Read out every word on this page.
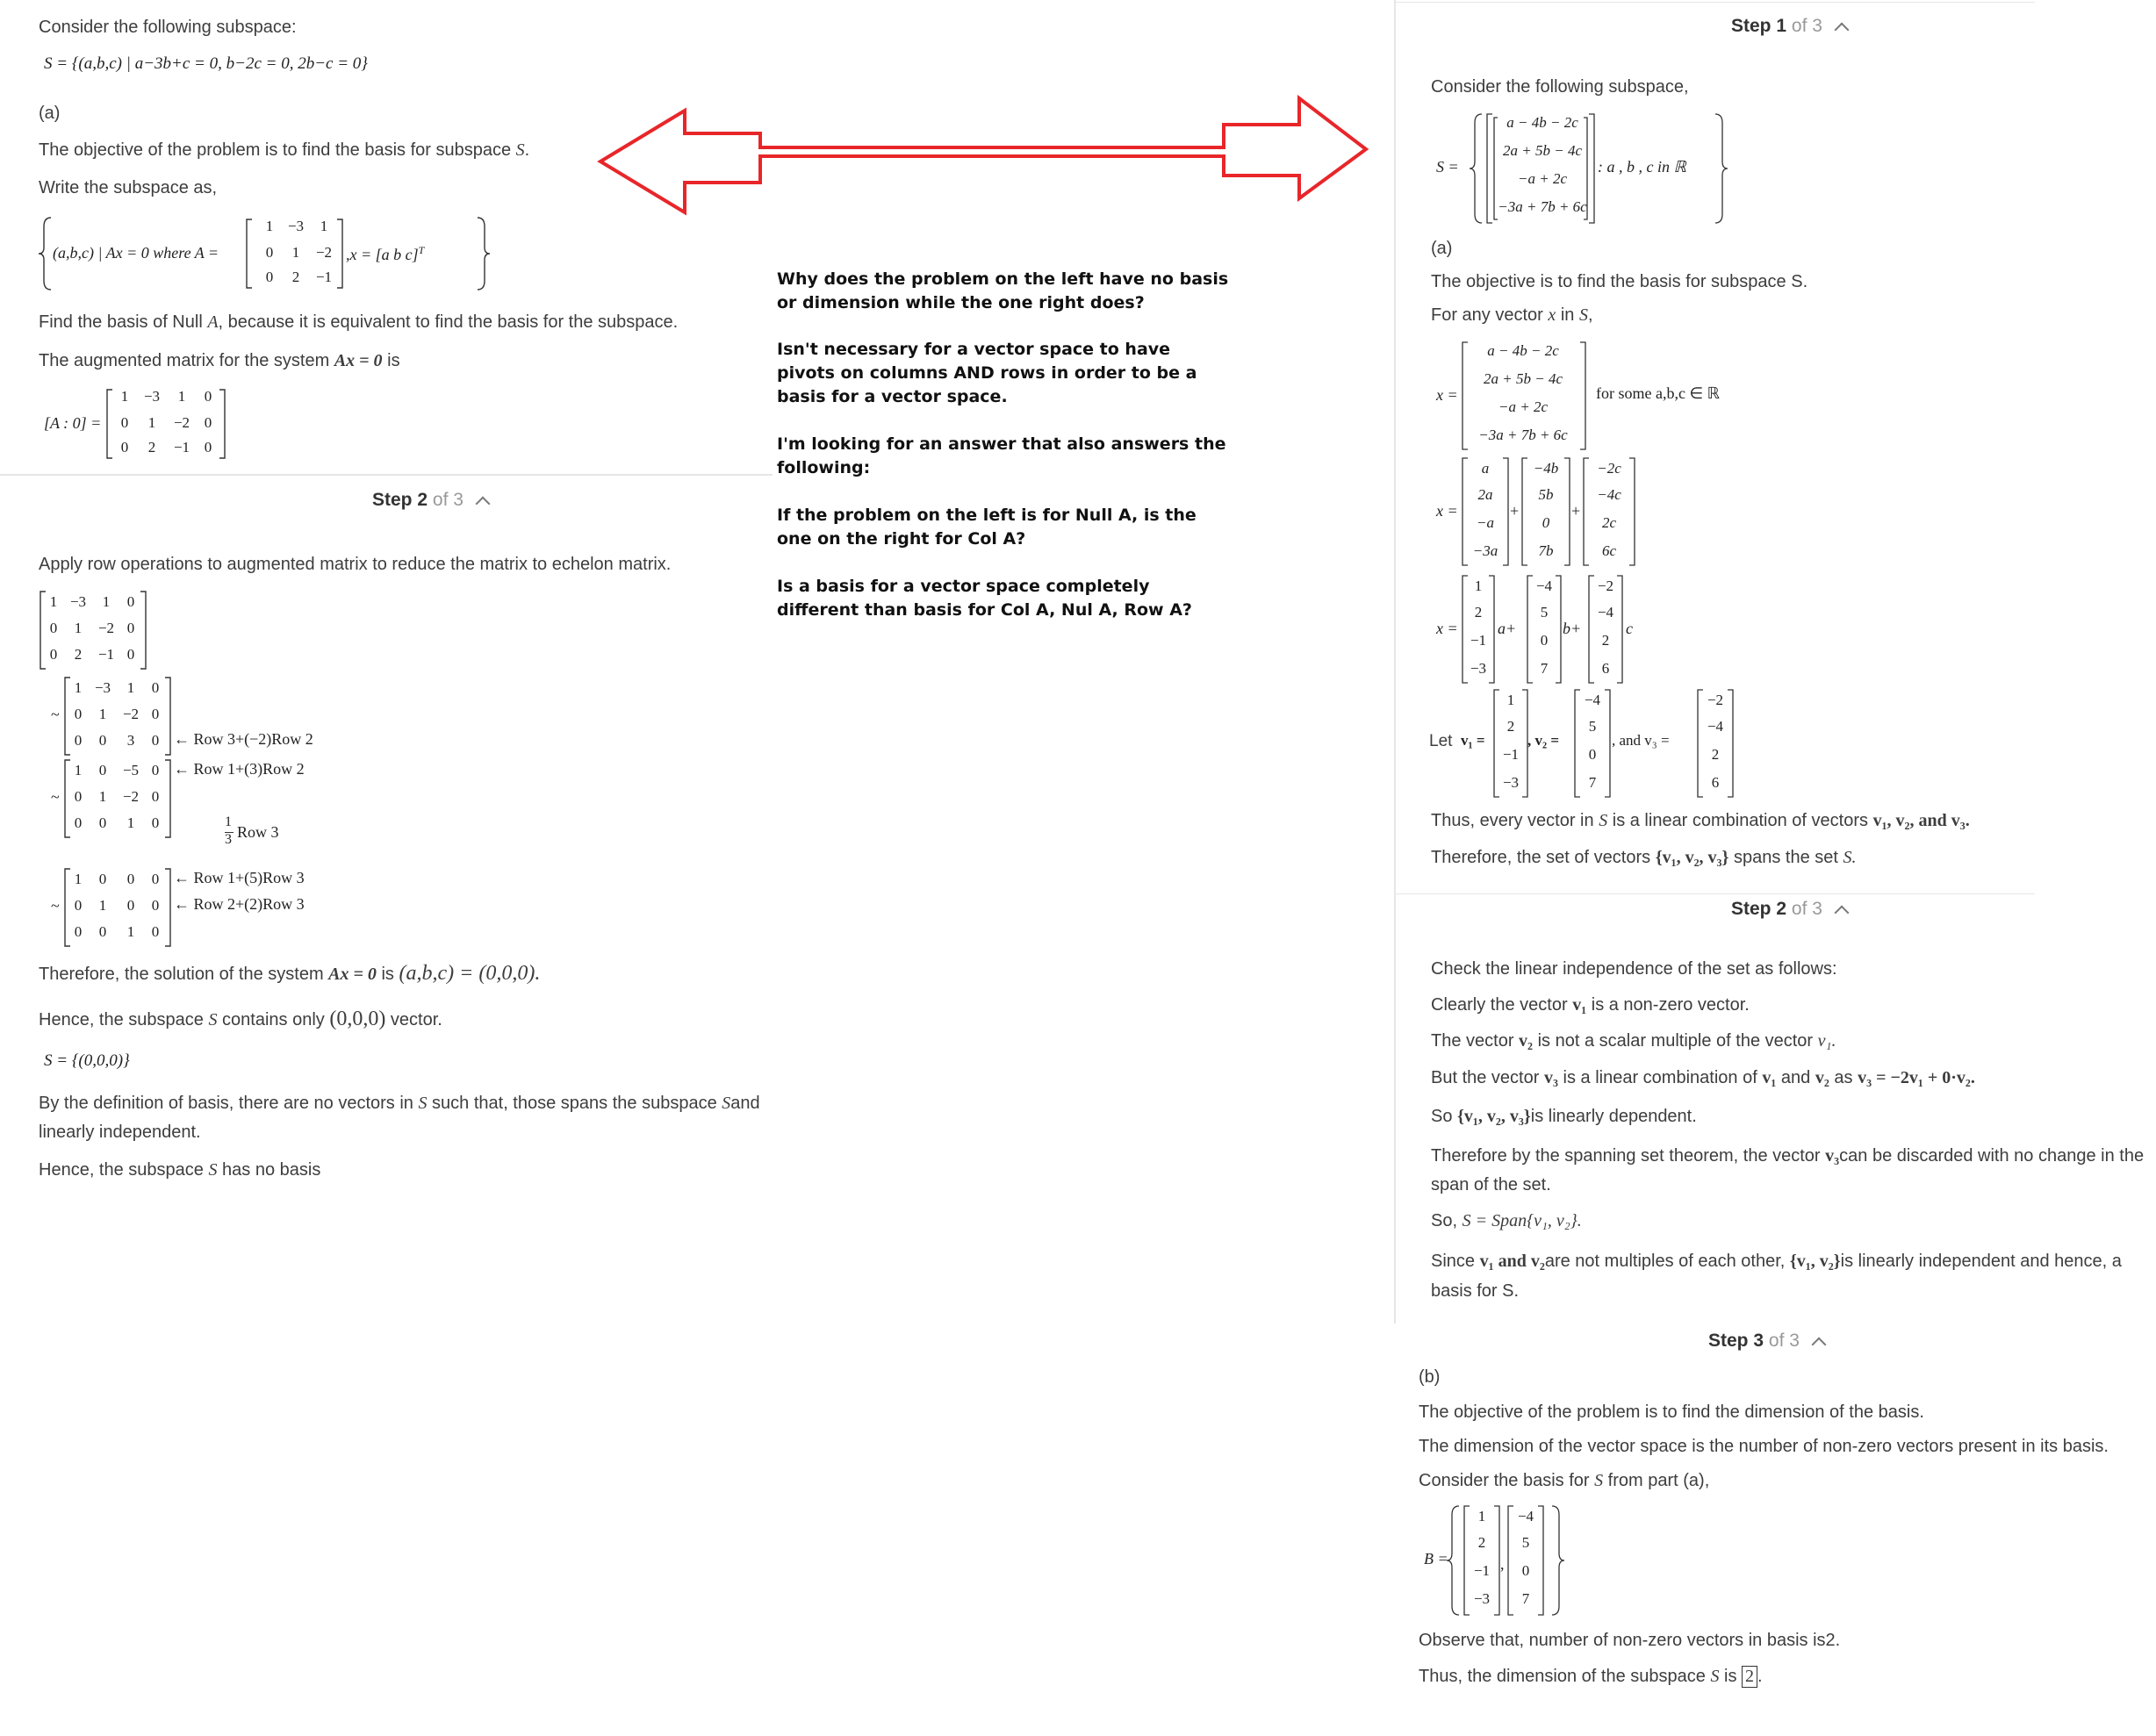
Consider the following subspace:
S = {(a,b,c) | a−3b+c = 0, b−2c = 0, 2b−c = 0}
(a)
The objective of the problem is to find the basis for subspace S.
Write the subspace as,
(a,b,c) | Ax = 0 where A =
1 −3	1
0	1	−2
0	2	−1
,x = [a b c]$^T$
Find the basis of Null A, because it is equivalent to find the basis for the subspace.
The augmented matrix for the system Ax = 0 is
[A : 0] =
1	−3	1	0
0	1	−2 0
0	2	−1 0
Step 2 of 3
Apply row operations to augmented matrix to reduce the matrix to echelon matrix.
1 −3	1	0
0	1	−2 0
0	2	−1 0
~
1 −3	1	0
0	1	−2 0
0	0	3	0 ← Row 3+(−2)Row 2
~
1	0	−5 0 ← Row 1+(3)Row 2
0	1	−2 0
0	0	1	0
~
1	0	0	0 ← Row 1+(5)Row 3
0	1	0	0 ← Row 2+(2)Row 3
0	0	1	0
1
3 Row 3
Therefore, the solution of the system Ax = 0 is (a,b,c) = (0,0,0).
Hence, the subspace S contains only (0,0,0) vector.
S = {(0,0,0)}
By the definition of basis, there are no vectors in S such that, those spans the subspace Sand
linearly independent.
Hence, the subspace S has no basis
Why does the problem on the left have no basis or dimension while the one right does?
Isn't necessary for a vector space to have pivots on columns AND rows in order to be a basis for a vector space.
I'm looking for an answer that also answers the following:
If the problem on the left is for Null A, is the one on the right for Col A?
Is a basis for a vector space completely different than basis for Col A, Nul A, Row A?
Step 1 of 3
Consider the following subspace,
S =
a − 4b − 2c
2a + 5b − 4c
−a + 2c
−3a + 7b + 6c
: a , b , c in ℝ
(a)
The objective is to find the basis for subspace S.
For any vector x in S,
x =
a − 4b − 2c
2a + 5b − 4c
−a + 2c
−3a + 7b + 6c
for some a,b,c ∈ ℝ
x =
a
2a
−a
−3a
+
−4b
5b
0
7b
+
−2c
−4c
2c
6c
x =
1
2
−1
−3
a+
−4
5
0
7
b+
−2
−4
2
6
c
Let v₁ =
1
2
−1
−3
, v₂ =
−4
5
0
7
, and v₃ =
−2
−4
2
6
Thus, every vector in S is a linear combination of vectors v₁, v₂, and v₃.
Therefore, the set of vectors {v₁, v₂, v₃} spans the set S.
Step 2 of 3
Check the linear independence of the set as follows:
Clearly the vector v₁ is a non-zero vector.
The vector v₂ is not a scalar multiple of the vector v₁.
But the vector v₃ is a linear combination of v₁ and v₂ as v₃ = −2v₁ + 0·v₂.
So {v₁, v₂, v₃}is linearly dependent.
Therefore by the spanning set theorem, the vector v₃can be discarded with no change in the
span of the set.
So, S = Span{v₁, v₂}.
Since v₁ and v₂are not multiples of each other, {v₁, v₂}is linearly independent and hence, a
basis for S.
Step 3 of 3
(b)
The objective of the problem is to find the dimension of the basis.
The dimension of the vector space is the number of non-zero vectors present in its basis.
Consider the basis for S from part (a),
B =
1
2
−1
−3
,
−4
5
0
7
Observe that, number of non-zero vectors in basis is2.
Thus, the dimension of the subspace S is 2 .
